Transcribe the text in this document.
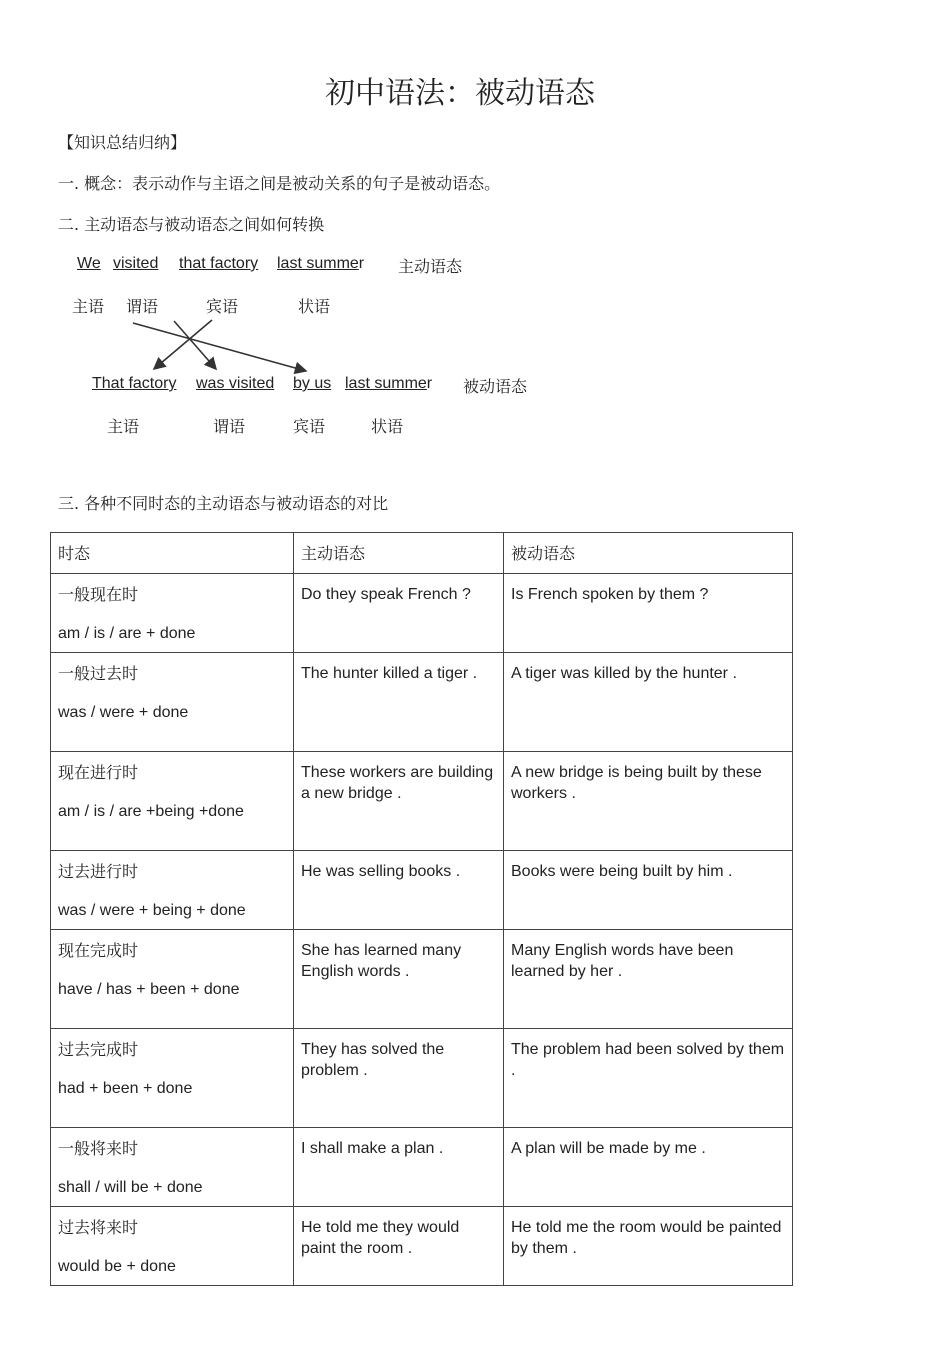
初中语法：被动语态
【知识总结归纳】
一. 概念：表示动作与主语之间是被动关系的句子是被动语态。
二. 主动语态与被动语态之间如何转换
We visited that factory last summer 主动语态
主语 谓语	宾语	状语
That factory was visited by us last summer 被动语态
主语	谓语	宾语	状语
三. 各种不同时态的主动语态与被动语态的对比
时态	主动语态	被动语态

一般现在时
am / is / are + done	Do they speak French ?	Is French spoken by them ?

一般过去时
was / were + done	The hunter killed a tiger .	A tiger was killed by the hunter .

现在进行时
am / is / are +being +done	These workers are building a new bridge .	A new bridge is being built by these workers .

过去进行时
was / were + being + done	He was selling books .	Books were being built by him .

现在完成时
have / has + been + done	She has learned many English words .	Many English words have been learned by her .

过去完成时
had + been + done	They has solved the problem .	The problem had been solved by them .

一般将来时
shall / will be + done	I shall make a plan .	A plan will be made by me .

过去将来时
would be + done	He told me they would paint the room .	He told me the room would be painted by them .
